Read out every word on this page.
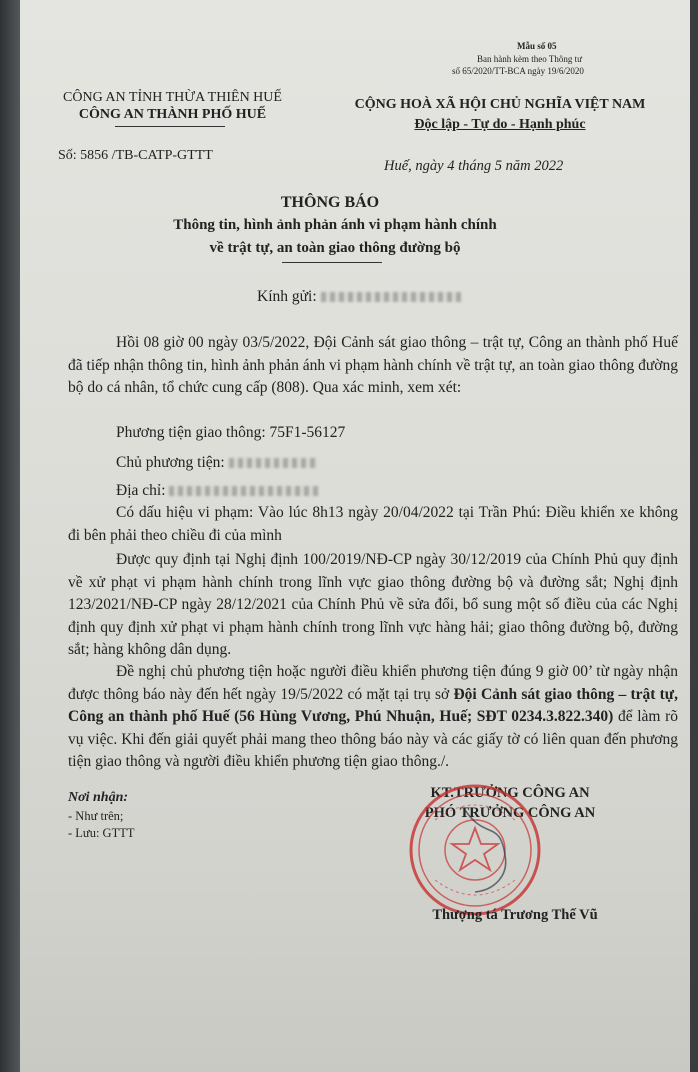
Mẫu số 05
Ban hành kèm theo Thông tư
số 65/2020/TT-BCA ngày 19/6/2020
CÔNG AN TỈNH THỪA THIÊN HUẾ
CÔNG AN THÀNH PHỐ HUẾ
Số: 5856 /TB-CATP-GTTT
CỘNG HOÀ XÃ HỘI CHỦ NGHĨA VIỆT NAM
Độc lập - Tự do - Hạnh phúc
Huế, ngày 4 tháng 5 năm 2022
THÔNG BÁO
Thông tin, hình ảnh phản ánh vi phạm hành chính
về trật tự, an toàn giao thông đường bộ
Kính gửi:
Hồi 08 giờ 00 ngày 03/5/2022, Đội Cảnh sát giao thông – trật tự, Công an thành phố Huế đã tiếp nhận thông tin, hình ảnh phản ánh vi phạm hành chính về trật tự, an toàn giao thông đường bộ do cá nhân, tổ chức cung cấp (808). Qua xác minh, xem xét:
Phương tiện giao thông: 75F1-56127
Chủ phương tiện:
Địa chỉ:
Có dấu hiệu vi phạm: Vào lúc 8h13 ngày 20/04/2022 tại Trần Phú: Điều khiển xe không đi bên phải theo chiều đi của mình
Được quy định tại Nghị định 100/2019/NĐ-CP ngày 30/12/2019 của Chính Phủ quy định về xử phạt vi phạm hành chính trong lĩnh vực giao thông đường bộ và đường sắt; Nghị định 123/2021/NĐ-CP ngày 28/12/2021 của Chính Phủ về sửa đổi, bổ sung một số điều của các Nghị định quy định xử phạt vi phạm hành chính trong lĩnh vực hàng hải; giao thông đường bộ, đường sắt; hàng không dân dụng.
Đề nghị chủ phương tiện hoặc người điều khiển phương tiện đúng 9 giờ 00’ từ ngày nhận được thông báo này đến hết ngày 19/5/2022 có mặt tại trụ sở Đội Cảnh sát giao thông – trật tự, Công an thành phố Huế (56 Hùng Vương, Phú Nhuận, Huế; SĐT 0234.3.822.340) để làm rõ vụ việc. Khi đến giải quyết phải mang theo thông báo này và các giấy tờ có liên quan đến phương tiện giao thông và người điều khiển phương tiện giao thông./.
Nơi nhận:
- Như trên;
- Lưu: GTTT
KT.TRƯỞNG CÔNG AN
PHÓ TRƯỞNG CÔNG AN
Thượng tá Trương Thế Vũ
